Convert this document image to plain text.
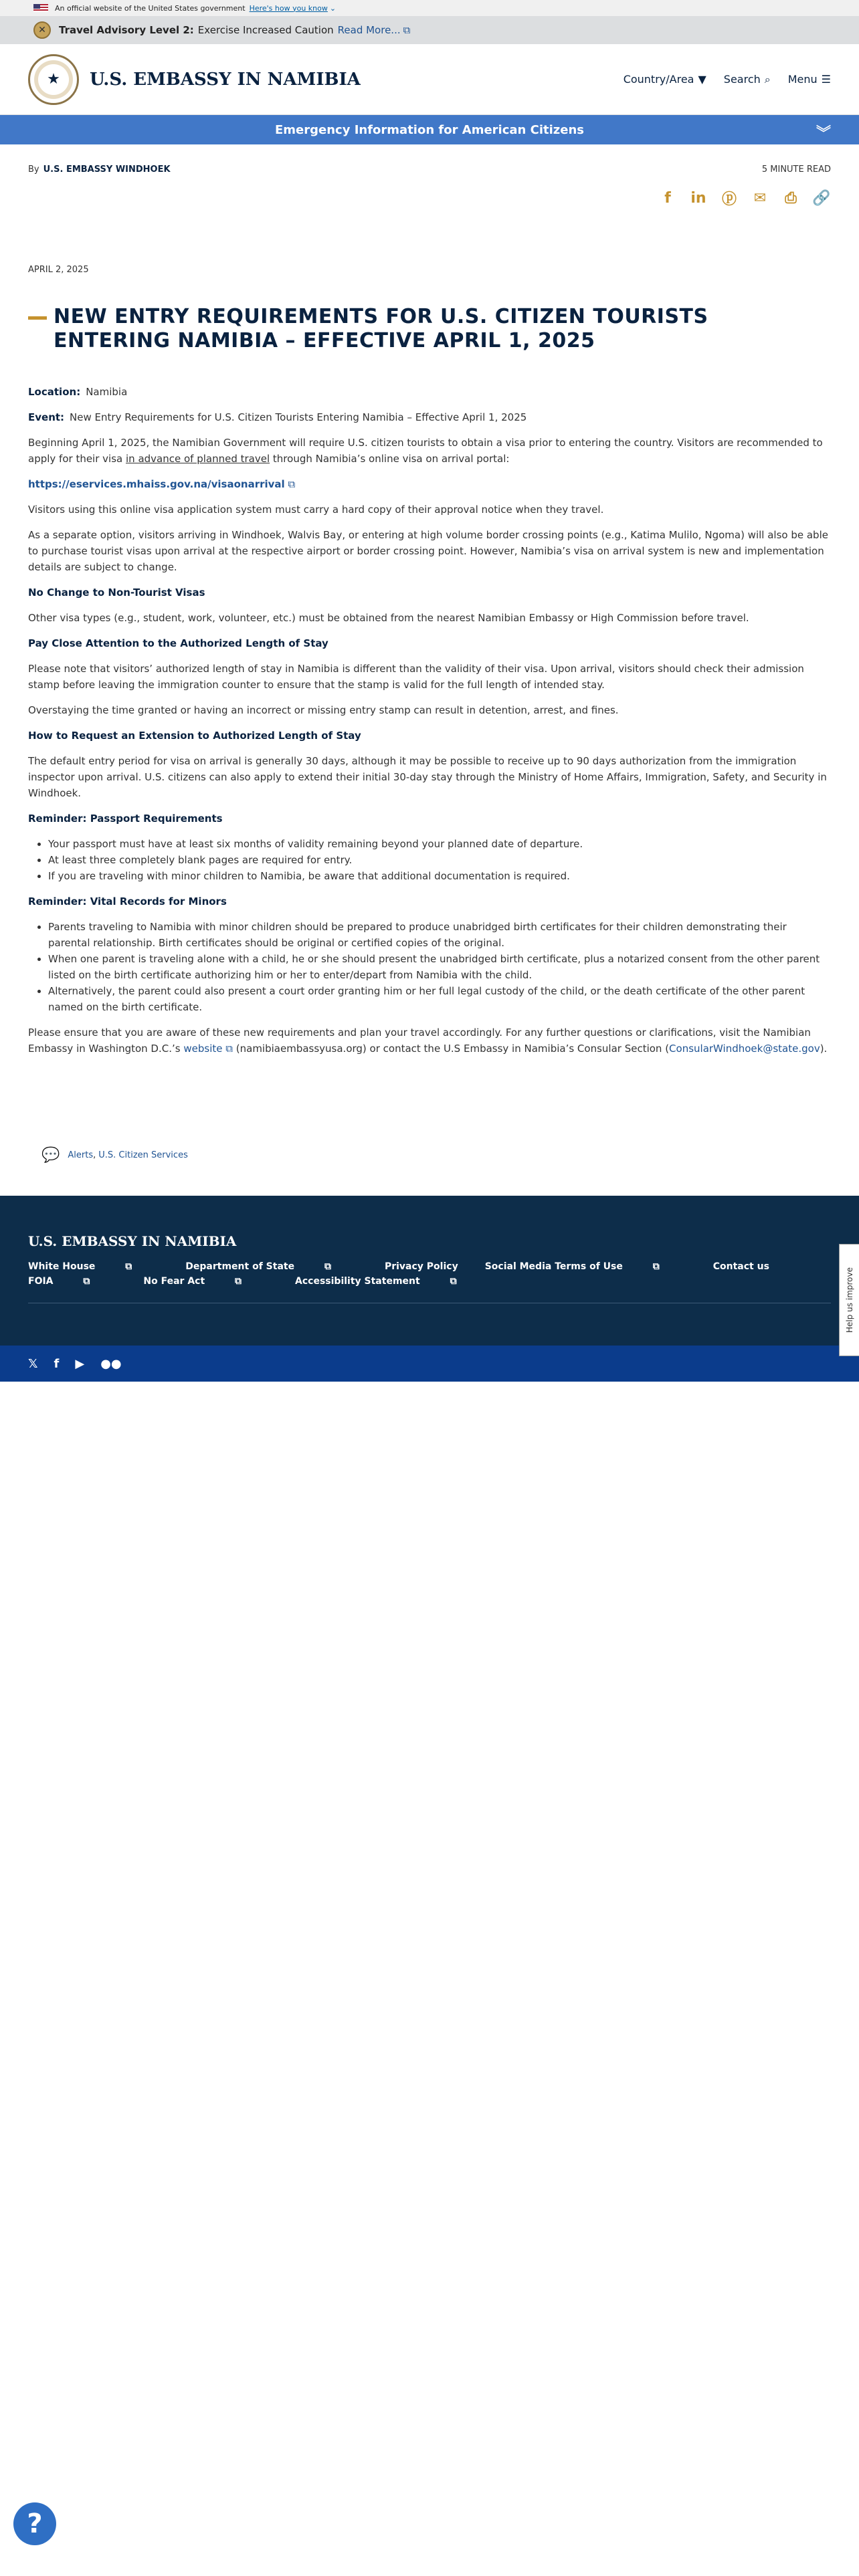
An official website of the United States government Here's how you know ⌄
✕	Travel Advisory Level 2: Exercise Increased Caution Read More... ⧉
★	U.S. EMBASSY IN NAMIBIA	Country/Area ▼ Search ⌕ Menu ☰
Emergency Information for American Citizens	︾
By U.S. EMBASSY WINDHOEK	5 MINUTE READ
f	in ⓟ ✉ ⎙ 🔗
APRIL 2, 2025
NEW ENTRY REQUIREMENTS FOR U.S. CITIZEN TOURISTS ENTERING NAMIBIA – EFFECTIVE APRIL 1, 2025

Location: Namibia

Event: New Entry Requirements for U.S. Citizen Tourists Entering Namibia – Effective April 1, 2025

Beginning April 1, 2025, the Namibian Government will require U.S. citizen tourists to obtain a visa prior to entering the country. Visitors are recommended to apply for their visa in advance of planned travel through Namibia’s online visa on arrival portal:

https://eservices.mhaiss.gov.na/visaonarrival ⧉

Visitors using this online visa application system must carry a hard copy of their approval notice when they travel.

As a separate option, visitors arriving in Windhoek, Walvis Bay, or entering at high volume border crossing points (e.g., Katima Mulilo, Ngoma) will also be able to purchase tourist visas upon arrival at the respective airport or border crossing point. However, Namibia’s visa on arrival system is new and implementation details are subject to change.

No Change to Non-Tourist Visas

Other visa types (e.g., student, work, volunteer, etc.) must be obtained from the nearest Namibian Embassy or High Commission before travel.

Pay Close Attention to the Authorized Length of Stay

Please note that visitors’ authorized length of stay in Namibia is different than the validity of their visa. Upon arrival, visitors should check their admission stamp before leaving the immigration counter to ensure that the stamp is valid for the full length of intended stay.

Overstaying the time granted or having an incorrect or missing entry stamp can result in detention, arrest, and fines.

How to Request an Extension to Authorized Length of Stay

The default entry period for visa on arrival is generally 30 days, although it may be possible to receive up to 90 days authorization from the immigration inspector upon arrival. U.S. citizens can also apply to extend their initial 30-day stay through the Ministry of Home Affairs, Immigration, Safety, and Security in Windhoek.

Reminder: Passport Requirements
• Your passport must have at least six months of validity remaining beyond your planned date of departure.
• At least three completely blank pages are required for entry.
• If you are traveling with minor children to Namibia, be aware that additional documentation is required.
Reminder: Vital Records for Minors
• Parents traveling to Namibia with minor children should be prepared to produce unabridged birth certificates for their children demonstrating their parental relationship. Birth certificates should be original or certified copies of the original.
• When one parent is traveling alone with a child, he or she should present the unabridged birth certificate, plus a notarized consent from the other parent listed on the birth certificate authorizing him or her to enter/depart from Namibia with the child.
• Alternatively, the parent could also present a court order granting him or her full legal custody of the child, or the death certificate of the other parent named on the birth certificate.

Please ensure that you are aware of these new requirements and plan your travel accordingly. For any further questions or clarifications, visit the Namibian Embassy in Washington D.C.’s website ⧉ (namibiaembassyusa.org) or contact the U.S Embassy in Namibia’s Consular Section (ConsularWindhoek@state.gov).

💬 Alerts , U.S. Citizen Services
U.S. EMBASSY IN NAMIBIA
White House	⧉	Department of State	⧉	Privacy Policy	Social Media Terms of Use	⧉	Contact us
FOIA	⧉	No Fear Act	⧉	Accessibility Statement	⧉
𝕏 f ▶ ●●
Help us improve
?
